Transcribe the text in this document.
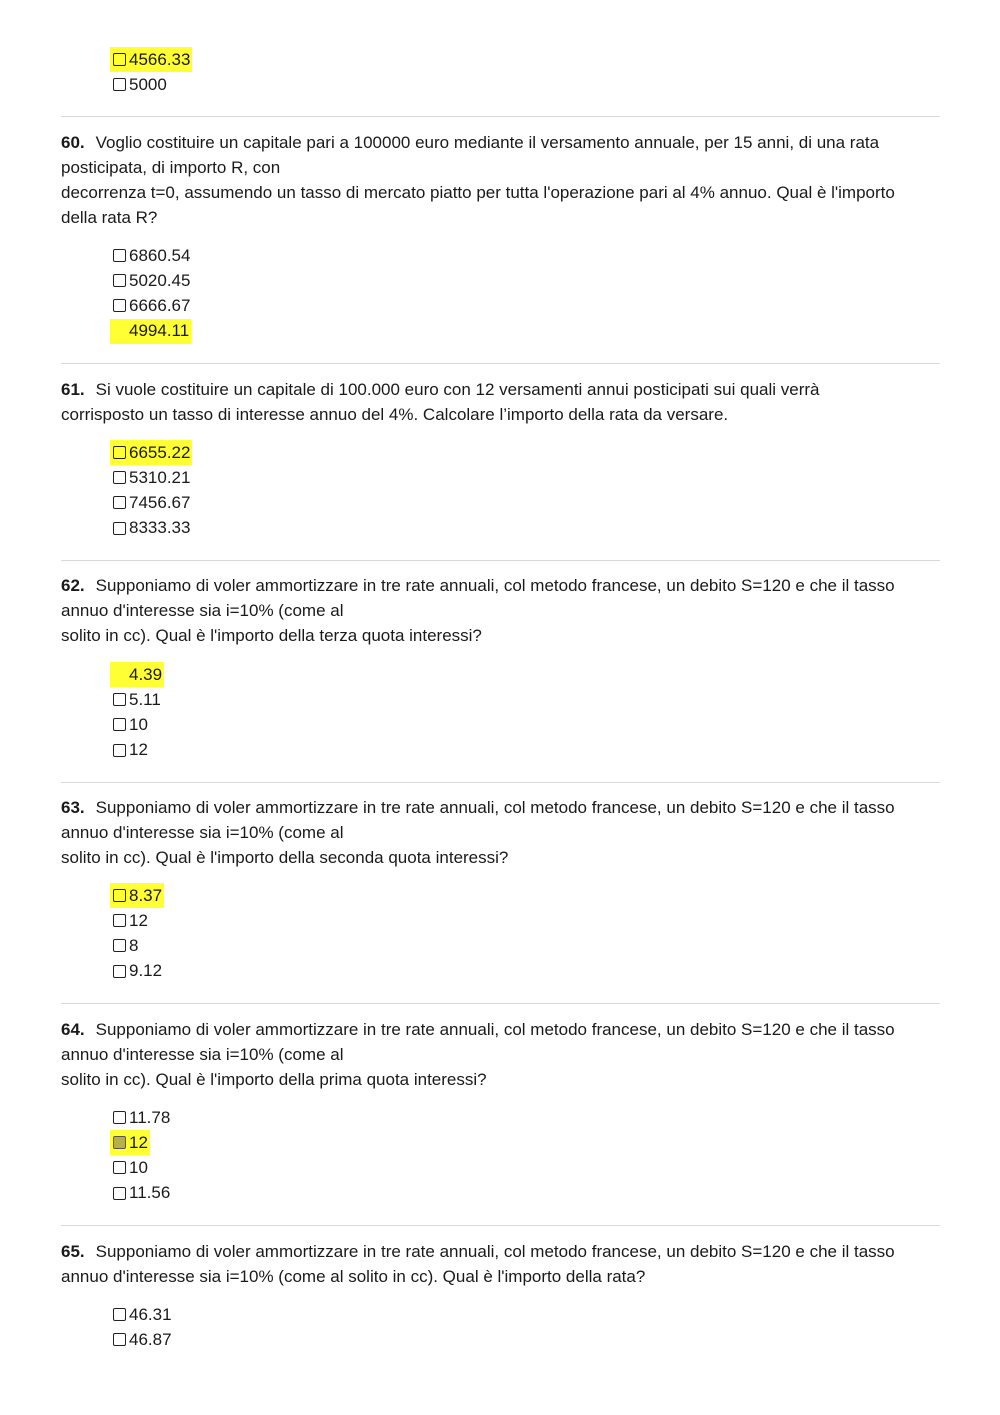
4566.33
5000
60. Voglio costituire un capitale pari a 100000 euro mediante il versamento annuale, per 15 anni, di una rata
posticipata, di importo R, con
decorrenza t=0, assumendo un tasso di mercato piatto per tutta l'operazione pari al 4% annuo. Qual è l'importo
della rata R?
6860.54
5020.45
6666.67
4994.11
61. Si vuole costituire un capitale di 100.000 euro con 12 versamenti annui posticipati sui quali verrà
corrisposto un tasso di interesse annuo del 4%. Calcolare l’importo della rata da versare.
6655.22
5310.21
7456.67
8333.33
62. Supponiamo di voler ammortizzare in tre rate annuali, col metodo francese, un debito S=120 e che il tasso
annuo d'interesse sia i=10% (come al
solito in cc). Qual è l'importo della terza quota interessi?
4.39
5.11
10
12
63. Supponiamo di voler ammortizzare in tre rate annuali, col metodo francese, un debito S=120 e che il tasso
annuo d'interesse sia i=10% (come al
solito in cc). Qual è l'importo della seconda quota interessi?
8.37
12
8
9.12
64. Supponiamo di voler ammortizzare in tre rate annuali, col metodo francese, un debito S=120 e che il tasso
annuo d'interesse sia i=10% (come al
solito in cc). Qual è l'importo della prima quota interessi?
11.78
12
10
11.56
65. Supponiamo di voler ammortizzare in tre rate annuali, col metodo francese, un debito S=120 e che il tasso
annuo d'interesse sia i=10% (come al solito in cc). Qual è l'importo della rata?
46.31
46.87
